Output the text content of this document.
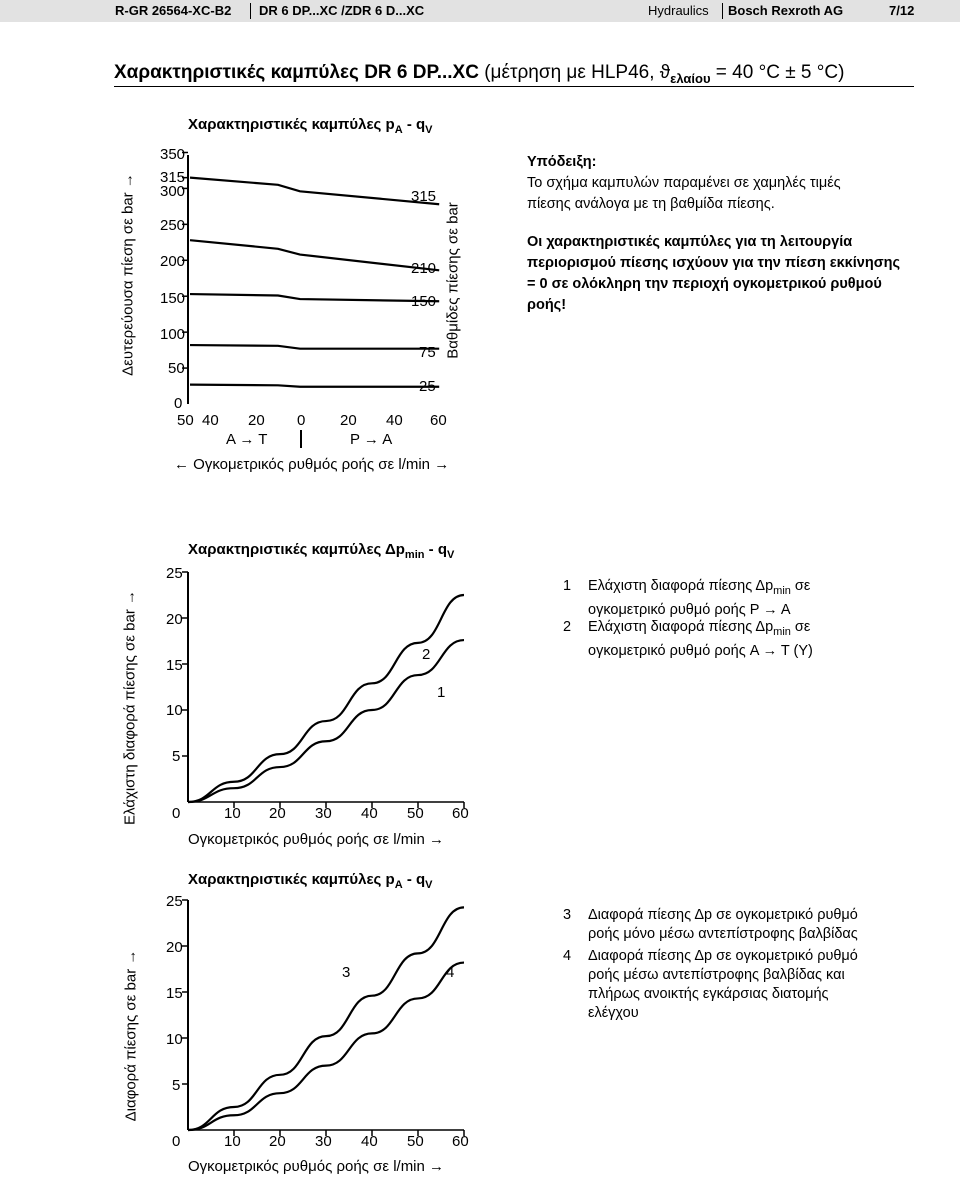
R-GR 26564-XC-B2 DR 6 DP...XC /ZDR 6 D...XC	Hydraulics Bosch Rexroth AG	7/12
Χαρακτηριστικές καμπύλες DR 6 DP...XC (μέτρηση με HLP46, $ϑ_{\varepsilon\lambda\alpha ίo\upsilon} = 40$ °C ± 5 °C)
Χαρακτηριστικές καμπύλες $p_A - q_V$
Δευτερεύουσα πίεση σε bar →	Βαθμίδες πίεσης σε bar
350
315
300
250
200
150
100
50
0
50 40 20 0 20 40 60
A → T	P → A
← Ογκομετρικός ρυθμός ροής σε l/min →
315
210
150
75
25
Υπόδειξη:
Το σχήμα καμπυλών παραμένει σε χαμηλές τιμές
πίεσης ανάλογα με τη βαθμίδα πίεσης.
Οι χαρακτηριστικές καμπύλες για τη λειτουργία
περιορισμού πίεσης ισχύουν για την πίεση εκκίνησης
= 0 σε ολόκληρη την περιοχή ογκομετρικού ρυθμού
ροής!
Χαρακτηριστικές καμπύλες $\Delta p_{min} - q_V$
Ελάχιστη διαφορά πίεσης σε bar →
25
20
15
10
5
0	10 20 30 40 50 60
Ογκομετρικός ρυθμός ροής σε l/min →
2
1
1 Ελάχιστη διαφορά πίεσης $\Delta p_{min}$ σε
ογκομετρικό ρυθμό ροής P → A
2 Ελάχιστη διαφορά πίεσης $\Delta p_{min}$ σε
ογκομετρικό ρυθμό ροής A → T (Y)
Χαρακτηριστικές καμπύλες $p_A - q_V$
Διαφορά πίεσης σε bar →
25
20
15
10
5
0	10 20 30 40 50 60
Ογκομετρικός ρυθμός ροής σε l/min →
3	4
3 Διαφορά πίεσης Δp σε ογκομετρικό ρυθμό
ροής μόνο μέσω αντεπίστροφης βαλβίδας
4 Διαφορά πίεσης Δp σε ογκομετρικό ρυθμό
ροής μέσω αντεπίστροφης βαλβίδας και
πλήρως ανοικτής εγκάρσιας διατομής
ελέγχου
